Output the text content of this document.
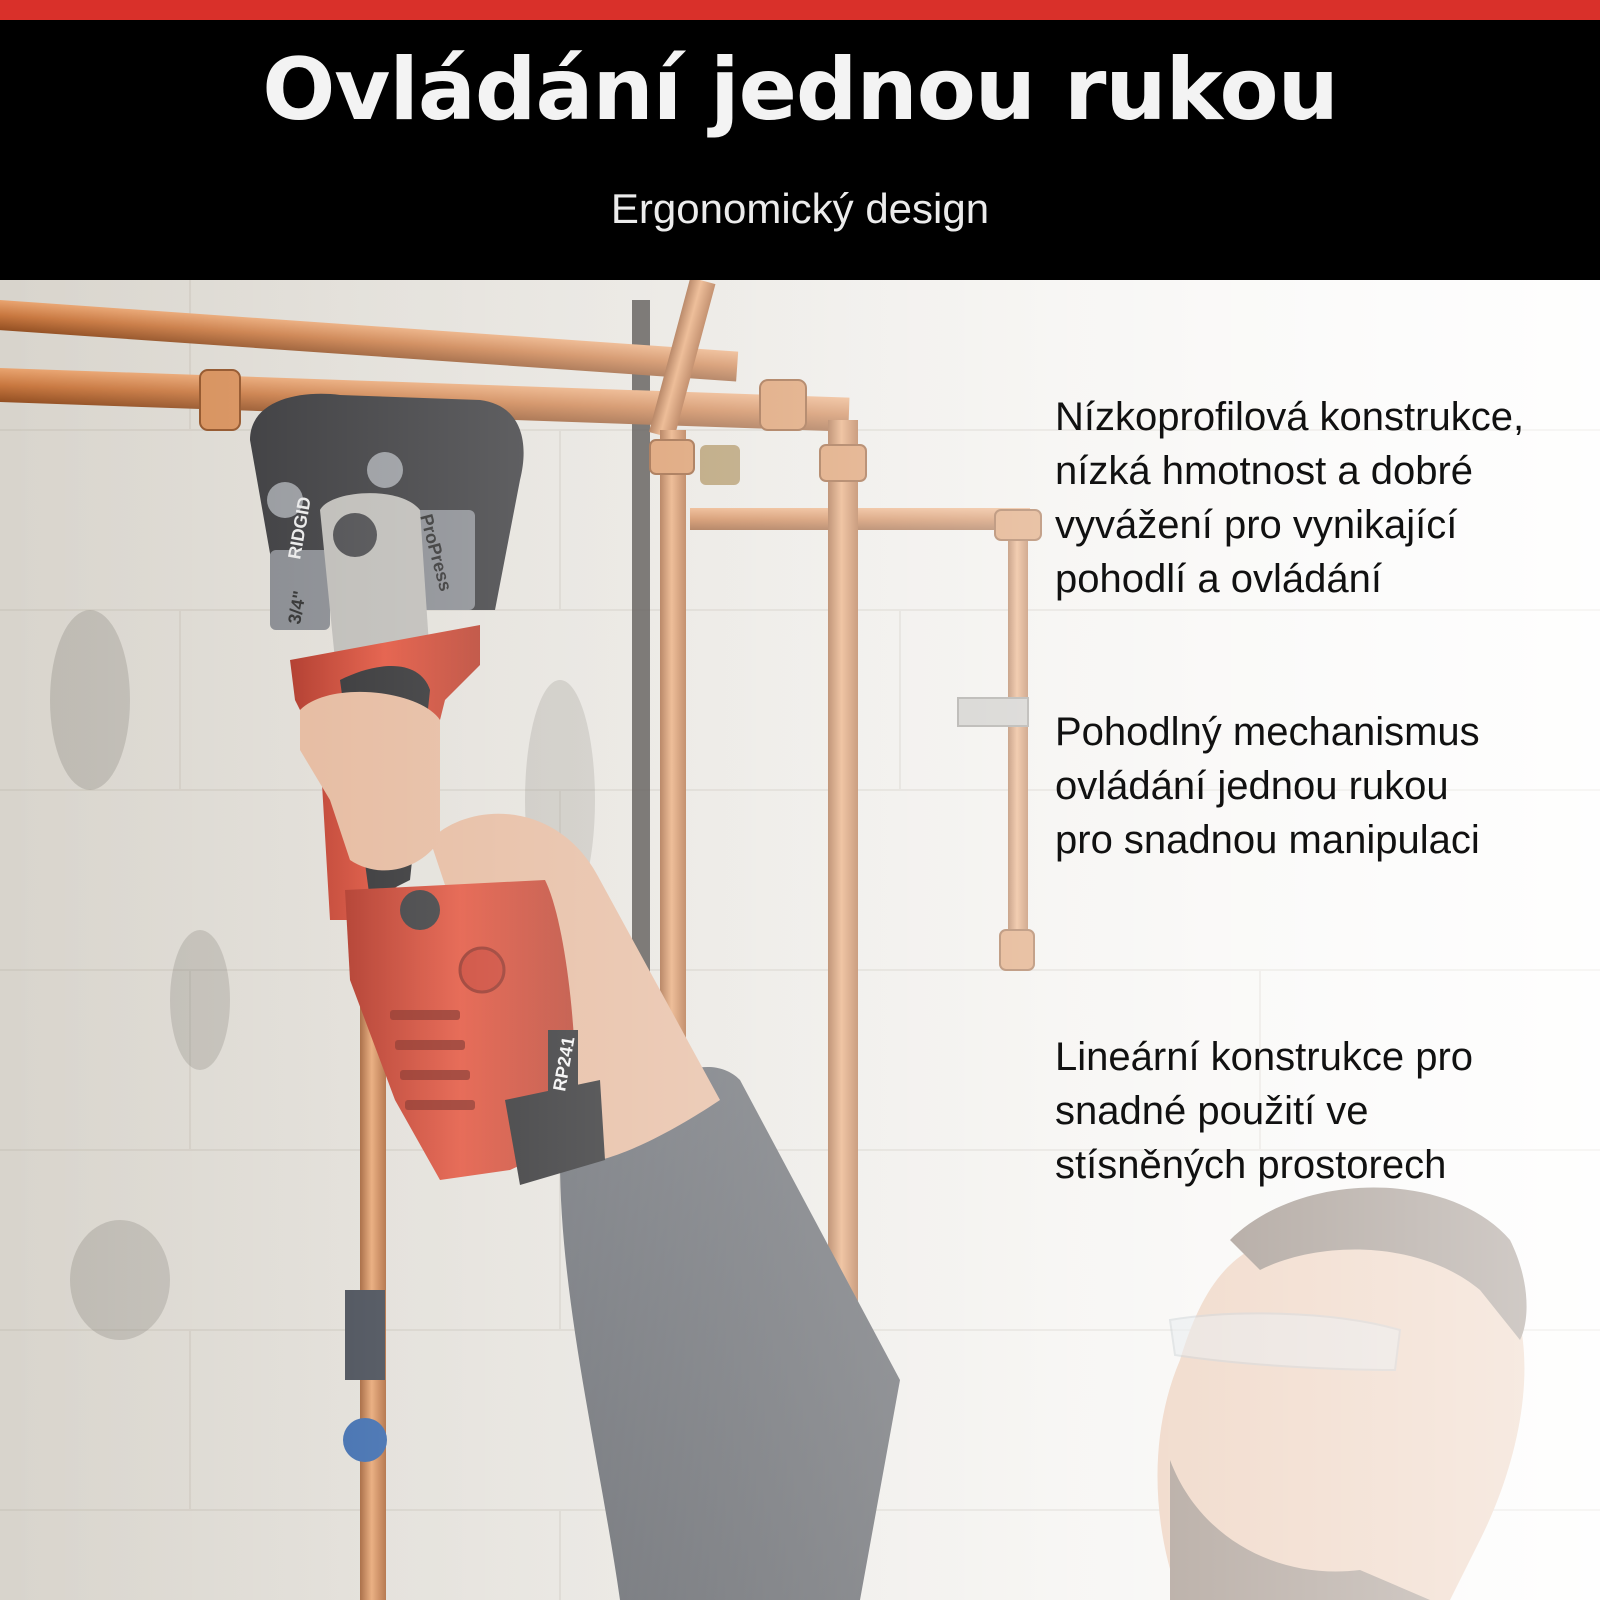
Ovládání jednou rukou
Ergonomický design
Nízkoprofilová konstrukce,
nízká hmotnost a dobré
vyvážení pro vynikající
pohodlí a ovládání
Pohodlný mechanismus
ovládání jednou rukou
pro snadnou manipulaci
Lineární konstrukce pro
snadné použití ve
stísněných prostorech
